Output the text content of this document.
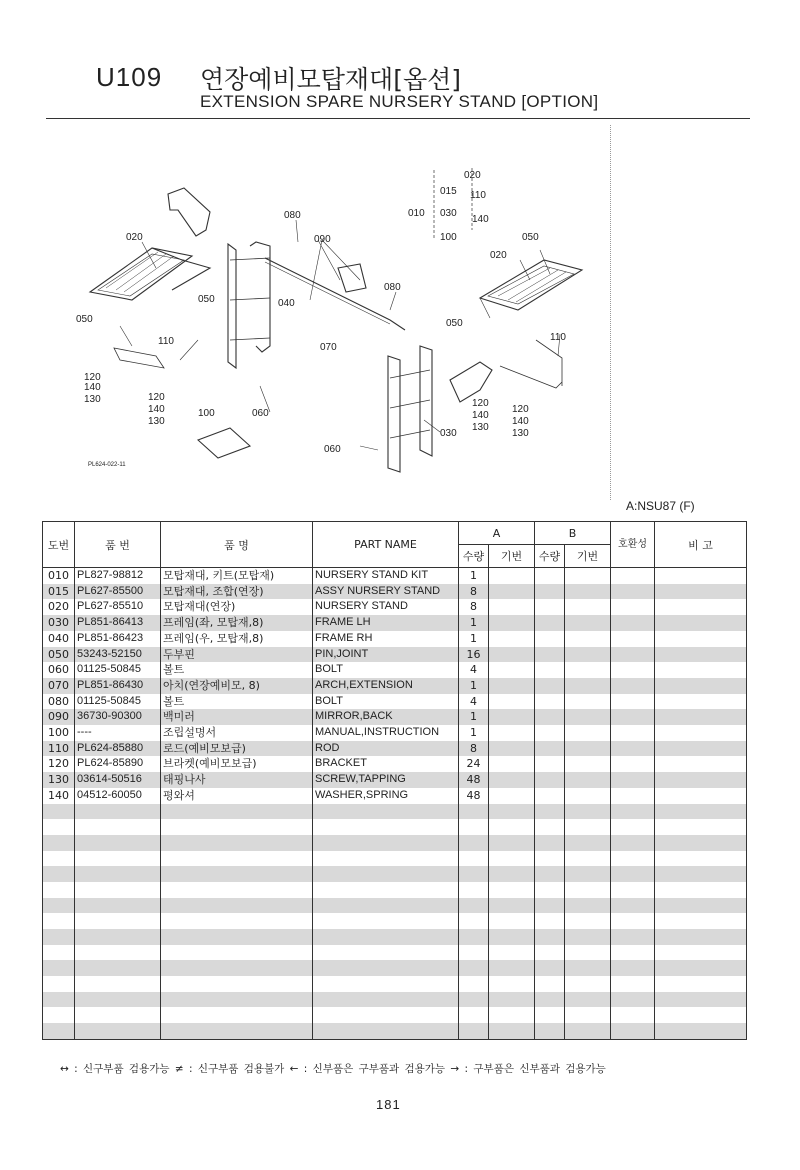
U109 연장예비모탑재대[옵션]
EXTENSION SPARE NURSERY STAND [OPTION]
020
080
090
050	040
050
070
080
050
050
020
020
015 110
010 030
140
100
110	110
120
140
130	120
140
130
100	060
120
140
130
120
140
130
030
060
PL624-022-11
A:NSU87 (F)
도번	품 번	품 명	PART NAME	A		B		호환성	비 고
				수량	기번	수량	기번		
010	PL827-98812	모탑재대, 키트(모탑재)	NURSERY STAND KIT	1					
015	PL627-85500	모탑재대, 조합(연장)	ASSY NURSERY STAND	8					
020	PL627-85510	모탑재대(연장)	NURSERY STAND	8					
030	PL851-86413	프레임(좌, 모탑재,8)	FRAME LH	1					
040	PL851-86423	프레임(우, 모탑재,8)	FRAME RH	1					
050	53243-52150	두부핀	PIN,JOINT	16					
060	01125-50845	볼트	BOLT	4					
070	PL851-86430	아치(연장예비모, 8)	ARCH,EXTENSION	1					
080	01125-50845	볼트	BOLT	4					
090	36730-90300	백미러	MIRROR,BACK	1					
100	----	조립설명서	MANUAL,INSTRUCTION	1					
110	PL624-85880	로드(예비모보급)	ROD	8					
120	PL624-85890	브라켓(예비모보급)	BRACKET	24					
130	03614-50516	태핑나사	SCREW,TAPPING	48					
140	04512-60050	평와셔	WASHER,SPRING	48					

↔ : 신구부품 검용가능 ≠ : 신구부품 검용불가 ← : 신부품은 구부품과 검용가능 → : 구부품은 신부품과 검용가능
181
